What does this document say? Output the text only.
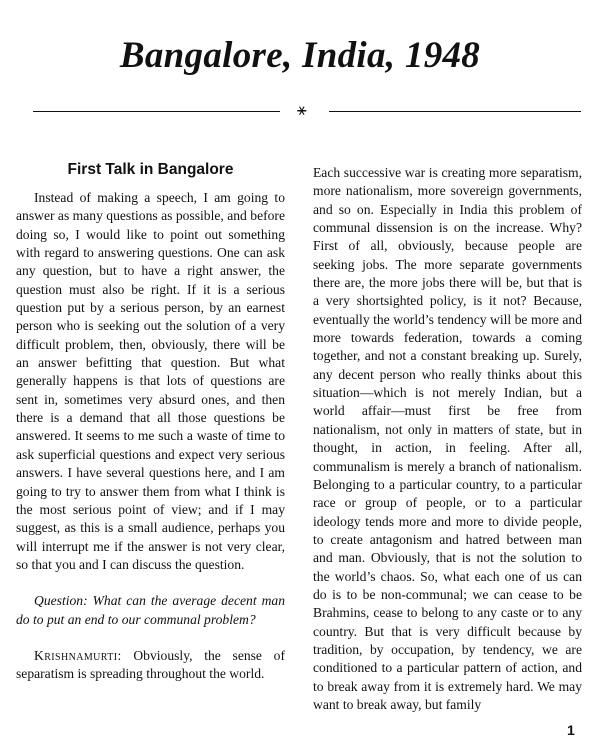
Bangalore, India, 1948
⚹
First Talk in Bangalore

Instead of making a speech, I am going to answer as many questions as possible, and before doing so, I would like to point out something with regard to answering questions. One can ask any question, but to have a right answer, the question must also be right. If it is a serious question put by a serious person, by an earnest person who is seeking out the solution of a very difficult problem, then, obviously, there will be an answer befitting that question. But what generally happens is that lots of questions are sent in, sometimes very absurd ones, and then there is a demand that all those questions be answered. It seems to me such a waste of time to ask superficial questions and expect very serious answers. I have several questions here, and I am going to try to answer them from what I think is the most serious point of view; and if I may suggest, as this is a small audience, perhaps you will interrupt me if the answer is not very clear, so that you and I can discuss the question.

Question: What can the average decent man do to put an end to our communal problem?

Krishnamurti: Obviously, the sense of separatism is spreading throughout the world.

Each successive war is creating more separatism, more nationalism, more sovereign governments, and so on. Especially in India this problem of communal dissension is on the increase. Why? First of all, obviously, because people are seeking jobs. The more separate governments there are, the more jobs there will be, but that is a very shortsighted policy, is it not? Because, eventually the world’s tendency will be more and more towards federation, towards a coming together, and not a constant breaking up. Surely, any decent person who really thinks about this situation—which is not merely Indian, but a world affair—must first be free from nationalism, not only in matters of state, but in thought, in action, in feeling. After all, communalism is merely a branch of nationalism. Belonging to a particular country, to a particular race or group of people, or to a particular ideology tends more and more to divide people, to create antagonism and hatred between man and man. Obviously, that is not the solution to the world’s chaos. So, what each one of us can do is to be non-communal; we can cease to be Brahmins, cease to belong to any caste or to any country. But that is very difficult because by tradition, by occupation, by tendency, we are conditioned to a particular pattern of action, and to break away from it is extremely hard. We may want to break away, but family

1
